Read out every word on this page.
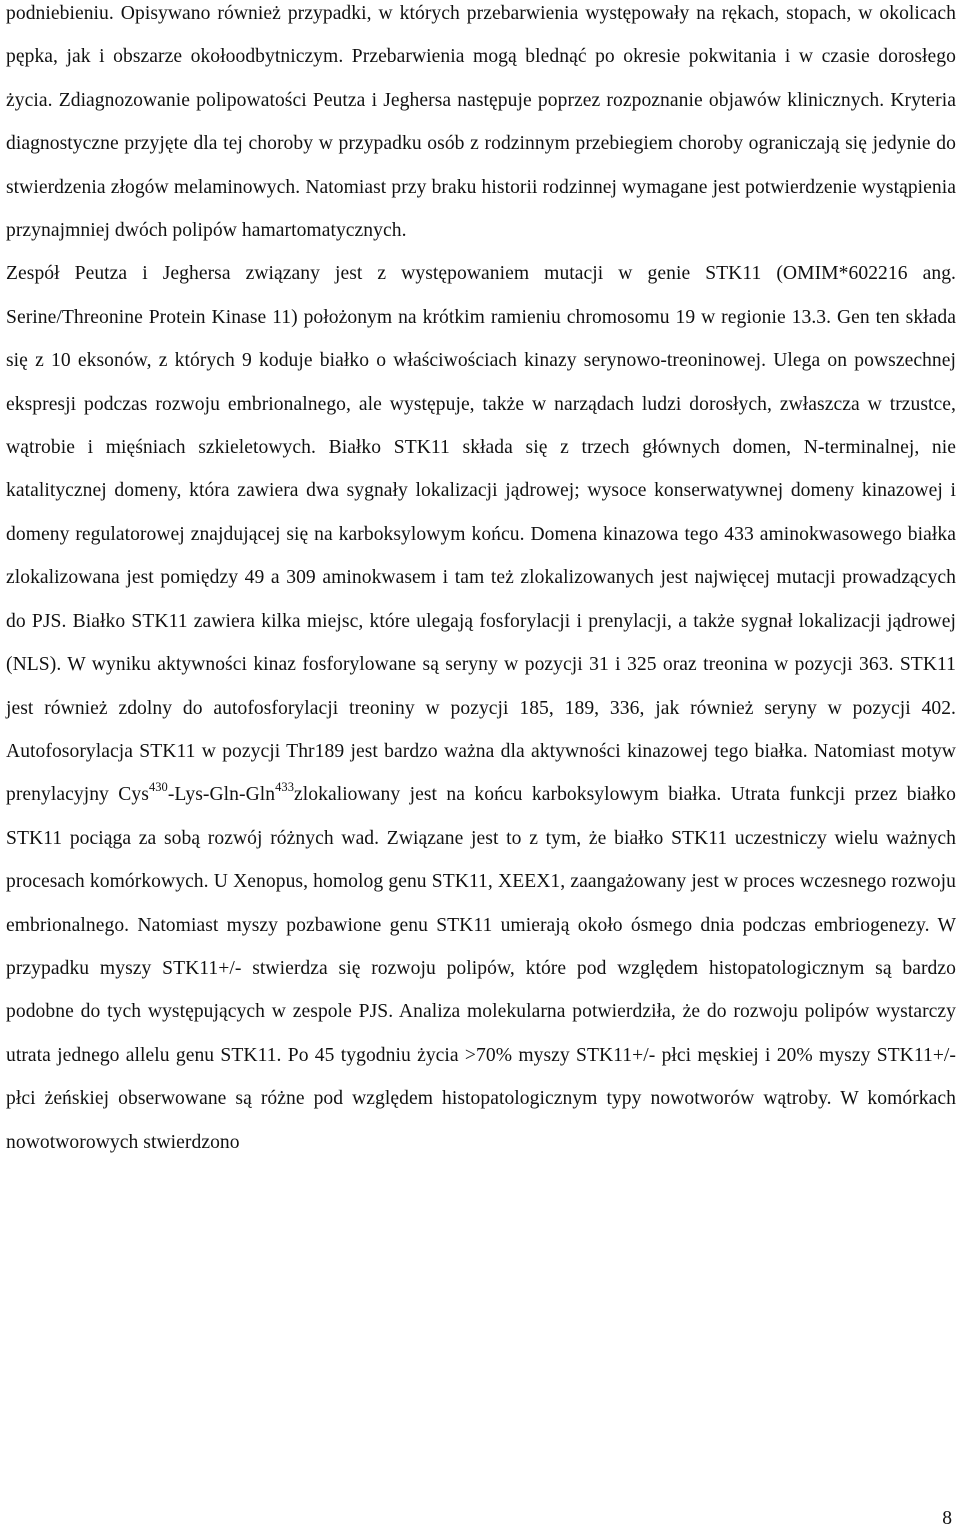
podniebieniu. Opisywano również przypadki, w których przebarwienia występowały na rękach, stopach, w okolicach pępka, jak i obszarze okołoodbytniczym. Przebarwienia mogą blednąć po okresie pokwitania i w czasie dorosłego życia. Zdiagnozowanie polipowatości Peutza i Jeghersa następuje poprzez rozpoznanie objawów klinicznych. Kryteria diagnostyczne przyjęte dla tej choroby w przypadku osób z rodzinnym przebiegiem choroby ograniczają się jedynie do stwierdzenia złogów melaminowych. Natomiast przy braku historii rodzinnej wymagane jest potwierdzenie wystąpienia przynajmniej dwóch polipów hamartomatycznych.

Zespół Peutza i Jeghersa związany jest z występowaniem mutacji w genie STK11 (OMIM*602216 ang. Serine/Threonine Protein Kinase 11) położonym na krótkim ramieniu chromosomu 19 w regionie 13.3. Gen ten składa się z 10 eksonów, z których 9 koduje białko o właściwościach kinazy serynowo-treoninowej. Ulega on powszechnej ekspresji podczas rozwoju embrionalnego, ale występuje, także w narządach ludzi dorosłych, zwłaszcza w trzustce, wątrobie i mięśniach szkieletowych. Białko STK11 składa się z trzech głównych domen, N-terminalnej, nie katalitycznej domeny, która zawiera dwa sygnały lokalizacji jądrowej; wysoce konserwatywnej domeny kinazowej i domeny regulatorowej znajdującej się na karboksylowym końcu. Domena kinazowa tego 433 aminokwasowego białka zlokalizowana jest pomiędzy 49 a 309 aminokwasem i tam też zlokalizowanych jest najwięcej mutacji prowadzących do PJS. Białko STK11 zawiera kilka miejsc, które ulegają fosforylacji i prenylacji, a także sygnał lokalizacji jądrowej (NLS). W wyniku aktywności kinaz fosforylowane są seryny w pozycji 31 i 325 oraz treonina w pozycji 363. STK11 jest również zdolny do autofosforylacji treoniny w pozycji 185, 189, 336, jak również seryny w pozycji 402. Autofosorylacja STK11 w pozycji Thr189 jest bardzo ważna dla aktywności kinazowej tego białka. Natomiast motyw prenylacyjny Cys$^{430}$-Lys-Gln-Gln$^{433}$zlokaliowany jest na końcu karboksylowym białka. Utrata funkcji przez białko STK11 pociąga za sobą rozwój różnych wad. Związane jest to z tym, że białko STK11 uczestniczy wielu ważnych procesach komórkowych. U Xenopus, homolog genu STK11, XEEX1, zaangażowany jest w proces wczesnego rozwoju embrionalnego. Natomiast myszy pozbawione genu STK11 umierają około ósmego dnia podczas embriogenezy. W przypadku myszy STK11+/- stwierdza się rozwoju polipów, które pod względem histopatologicznym są bardzo podobne do tych występujących w zespole PJS. Analiza molekularna potwierdziła, że do rozwoju polipów wystarczy utrata jednego allelu genu STK11. Po 45 tygodniu życia >70% myszy STK11+/- płci męskiej i 20% myszy STK11+/- płci żeńskiej obserwowane są różne pod względem histopatologicznym typy nowotworów wątroby. W komórkach nowotworowych stwierdzono

8
